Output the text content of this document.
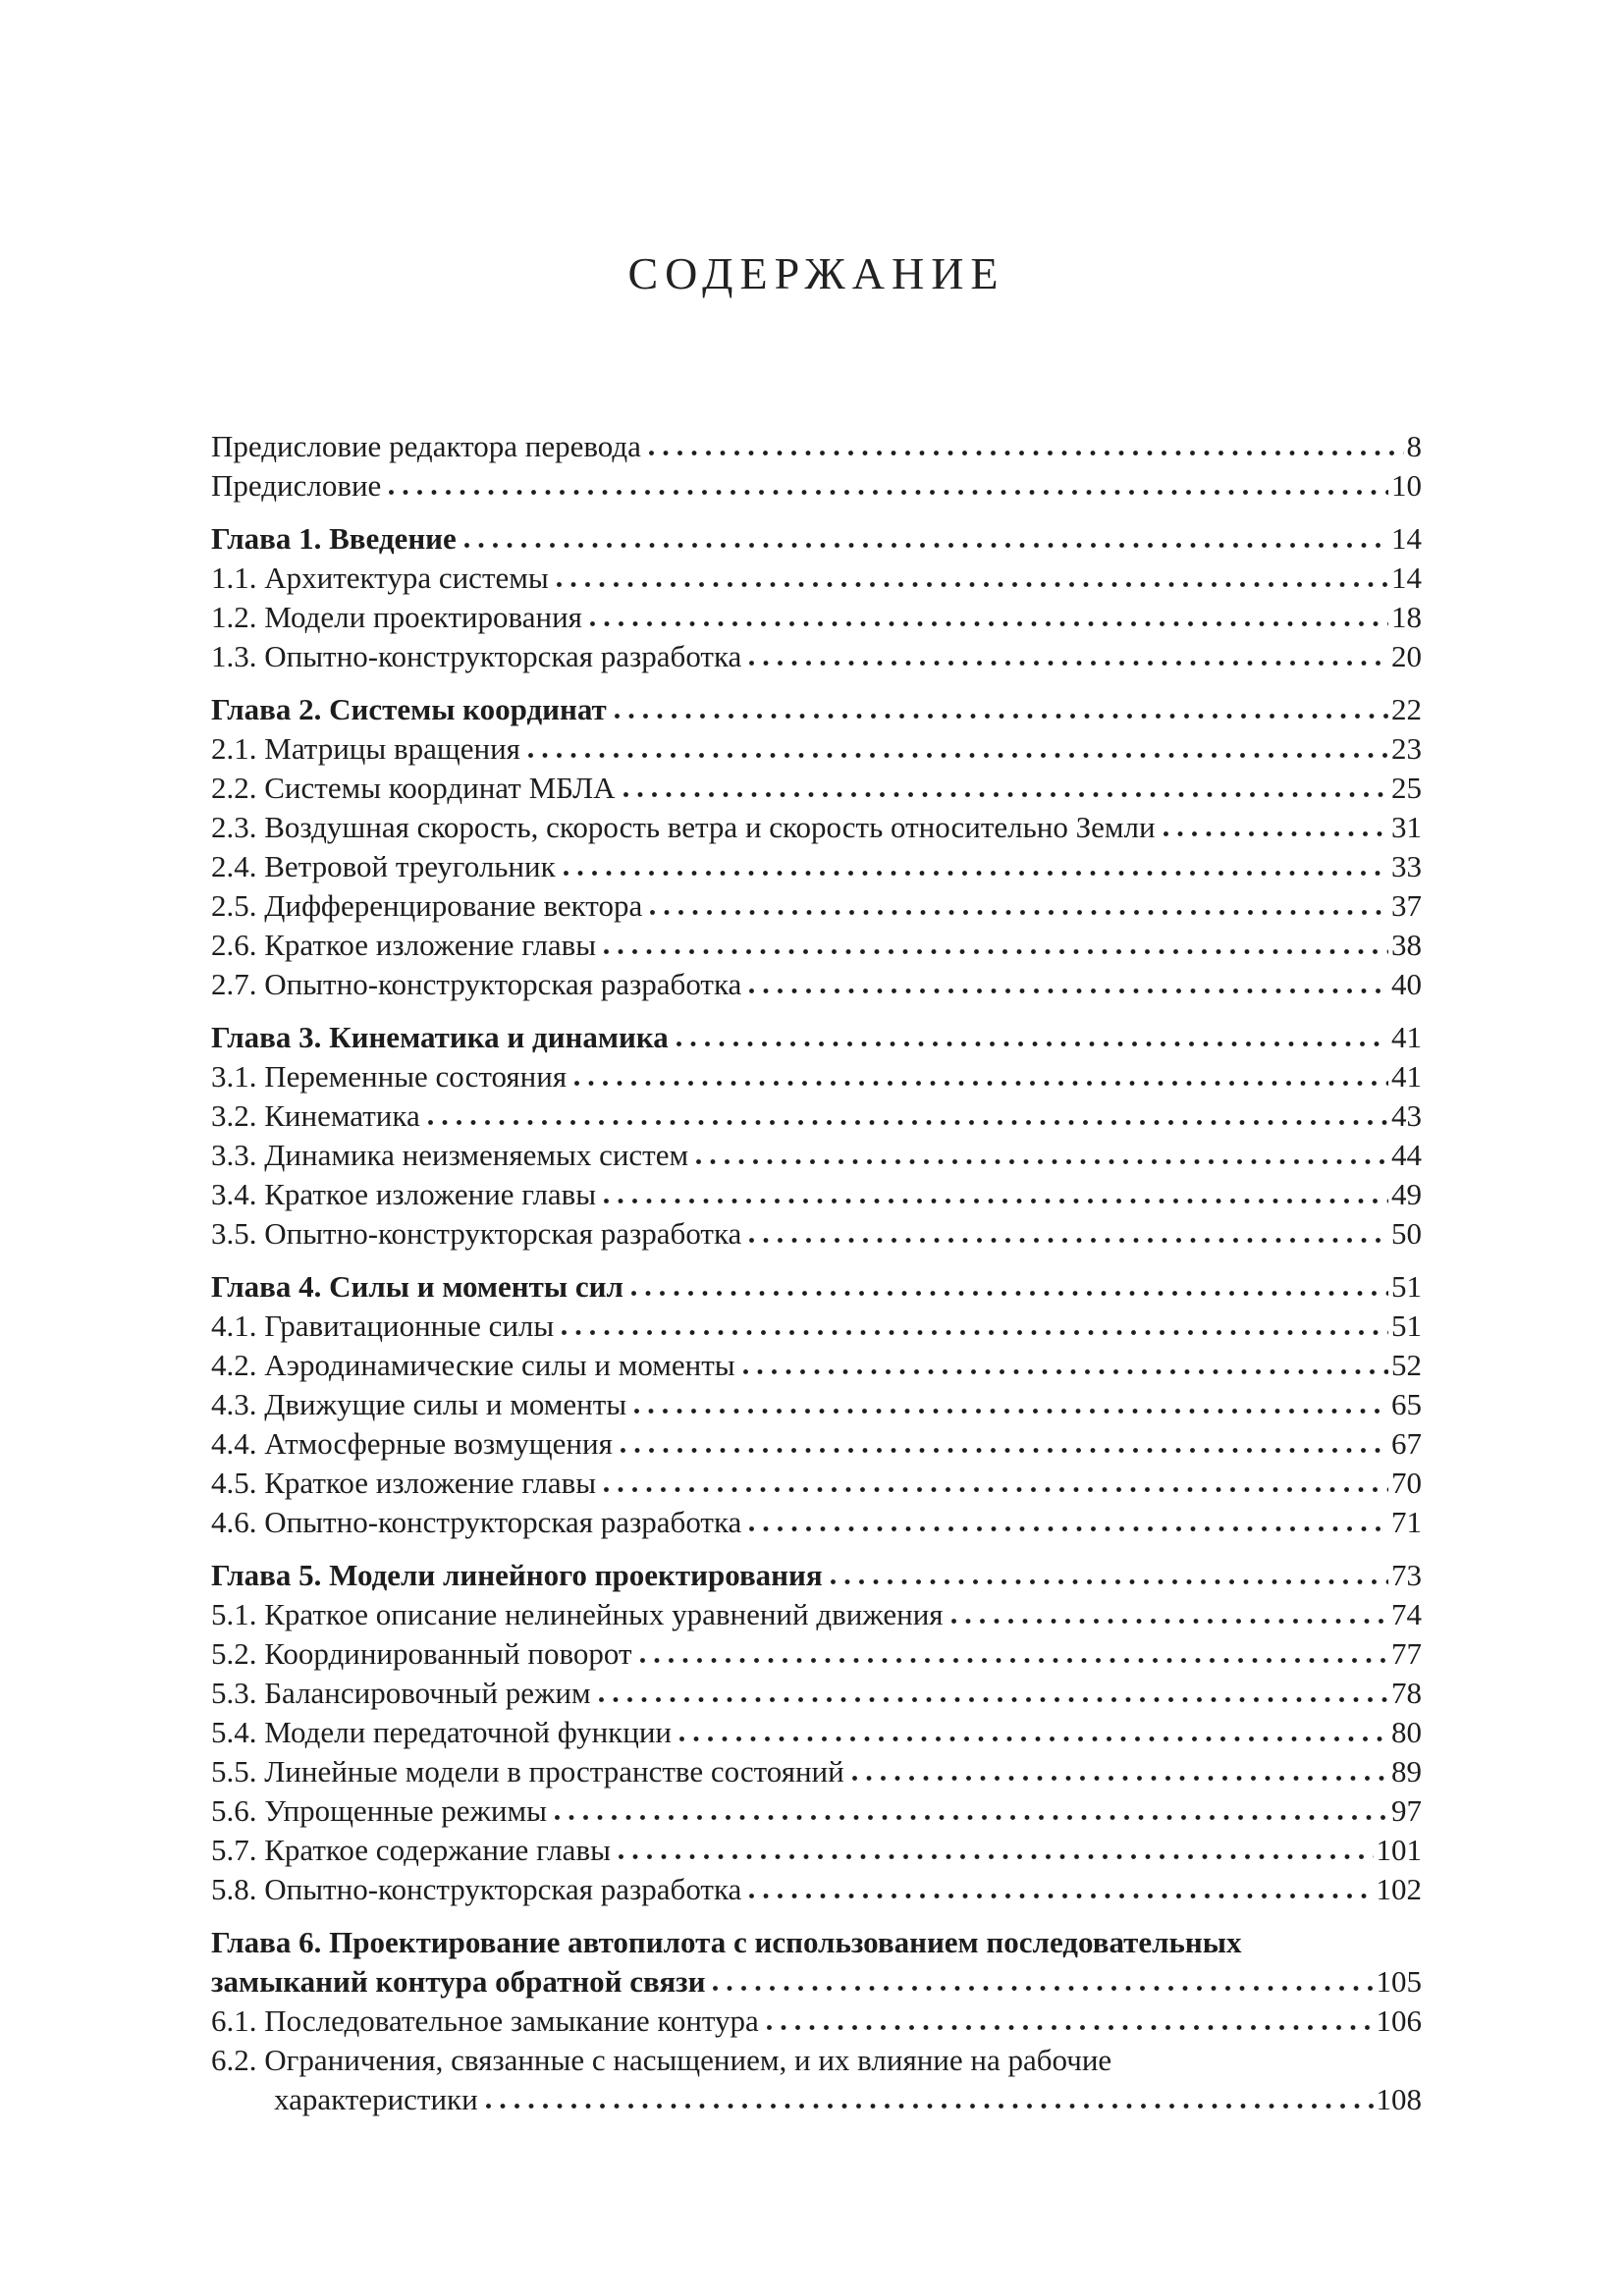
СОДЕРЖАНИЕ
Предисловие редактора перевода	8
Предисловие	10
Глава 1. Введение	14
1.1. Архитектура системы	14
1.2. Модели проектирования	18
1.3. Опытно-конструкторская разработка	20
Глава 2. Системы координат	22
2.1. Матрицы вращения	23
2.2. Системы координат МБЛА	25
2.3. Воздушная скорость, скорость ветра и скорость относительно Земли	31
2.4. Ветровой треугольник	33
2.5. Дифференцирование вектора	37
2.6. Краткое изложение главы	38
2.7. Опытно-конструкторская разработка	40
Глава 3. Кинематика и динамика	41
3.1. Переменные состояния	41
3.2. Кинематика	43
3.3. Динамика неизменяемых систем	44
3.4. Краткое изложение главы	49
3.5. Опытно-конструкторская разработка	50
Глава 4. Силы и моменты сил	51
4.1. Гравитационные силы	51
4.2. Аэродинамические силы и моменты	52
4.3. Движущие силы и моменты	65
4.4. Атмосферные возмущения	67
4.5. Краткое изложение главы	70
4.6. Опытно-конструкторская разработка	71
Глава 5. Модели линейного проектирования	73
5.1. Краткое описание нелинейных уравнений движения	74
5.2. Координированный поворот	77
5.3. Балансировочный режим	78
5.4. Модели передаточной функции	80
5.5. Линейные модели в пространстве состояний	89
5.6. Упрощенные режимы	97
5.7. Краткое содержание главы	101
5.8. Опытно-конструкторская разработка	102
Глава 6. Проектирование автопилота с использованием последовательных
замыканий контура обратной связи	105
6.1. Последовательное замыкание контура	106
6.2. Ограничения, связанные с насыщением, и их влияние на рабочие
характеристики	108
